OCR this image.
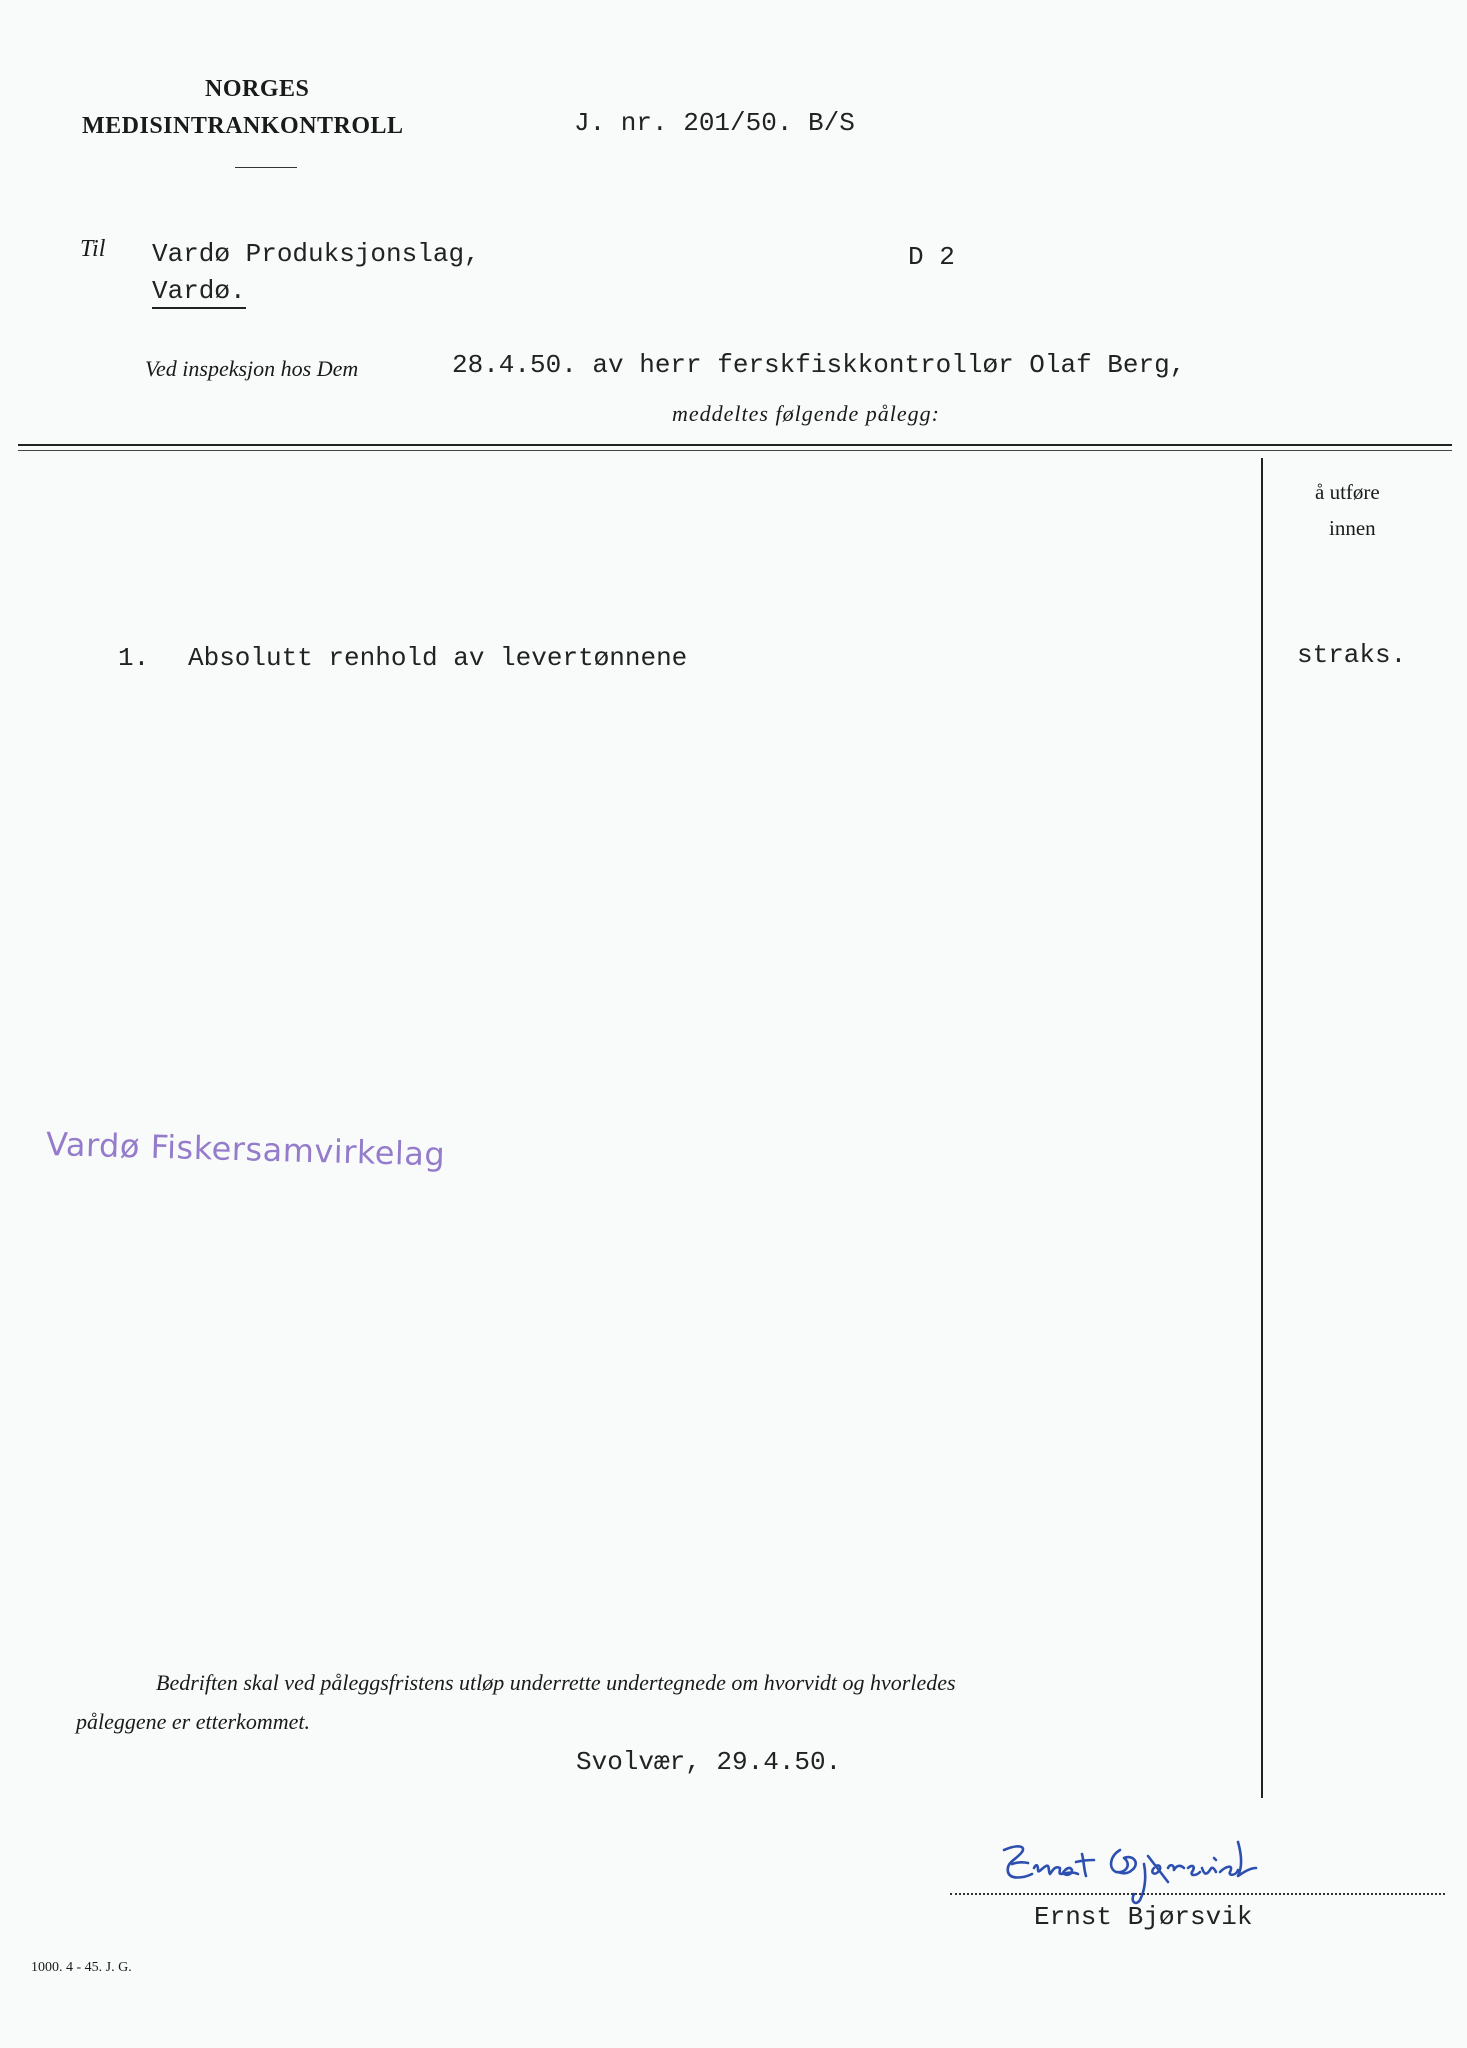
NORGES
MEDISINTRANKONTROLL	J. nr. 201/50. B/S
Til Vardø Produksjonslag,
Vardø.
D 2
Ved inspeksjon hos Dem	28.4.50. av herr ferskfiskkontrollør Olaf Berg,
meddeltes følgende pålegg:
å utføre
innen
1. Absolutt renhold av levertønnene	straks.
Vardø Fiskersamvirkelag
Bedriften skal ved påleggsfristens utløp underrette undertegnede om hvorvidt og hvorledes
påleggene er etterkommet.
Svolvær, 29.4.50.
Ernst Bjørsvik
1000. 4 - 45. J. G.
